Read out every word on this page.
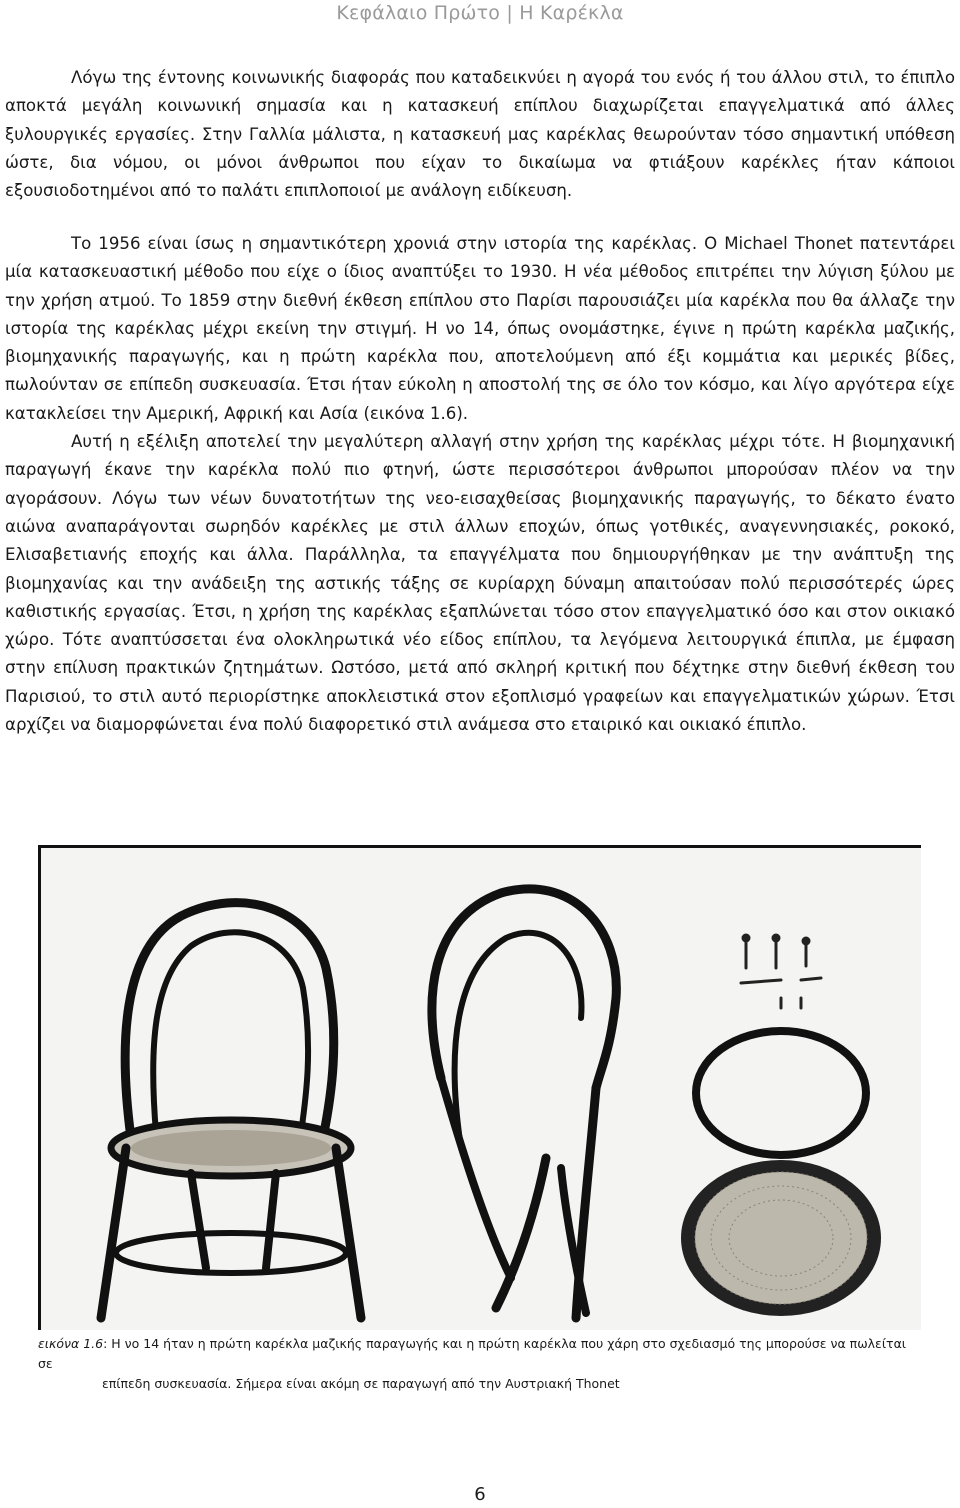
Κεφάλαιο Πρώτο | Η Καρέκλα

Λόγω της έντονης κοινωνικής διαφοράς που καταδεικνύει η αγορά του ενός ή του άλλου στιλ, το έπιπλο αποκτά μεγάλη κοινωνική σημασία και η κατασκευή επίπλου διαχωρίζεται επαγγελματικά από άλλες ξυλουργικές εργασίες. Στην Γαλλία μάλιστα, η κατασκευή μας καρέκλας θεωρούνταν τόσο σημαντική υπόθεση ώστε, δια νόμου, οι μόνοι άνθρωποι που είχαν το δικαίωμα να φτιάξουν καρέκλες ήταν κάποιοι εξουσιοδοτημένοι από το παλάτι επιπλοποιοί με ανάλογη ειδίκευση.

Το 1956 είναι ίσως η σημαντικότερη χρονιά στην ιστορία της καρέκλας. Ο Michael Thonet πατεντάρει μία κατασκευαστική μέθοδο που είχε ο ίδιος αναπτύξει το 1930. Η νέα μέθοδος επιτρέπει την λύγιση ξύλου με την χρήση ατμού. Το 1859 στην διεθνή έκθεση επίπλου στο Παρίσι παρουσιάζει μία καρέκλα που θα άλλαζε την ιστορία της καρέκλας μέχρι εκείνη την στιγμή. Η νο 14, όπως ονομάστηκε, έγινε η πρώτη καρέκλα μαζικής, βιομηχανικής παραγωγής, και η πρώτη καρέκλα που, αποτελούμενη από έξι κομμάτια και μερικές βίδες, πωλούνταν σε επίπεδη συσκευασία. Έτσι ήταν εύκολη η αποστολή της σε όλο τον κόσμο, και λίγο αργότερα είχε κατακλείσει την Αμερική, Αφρική και Ασία (εικόνα 1.6).

Αυτή η εξέλιξη αποτελεί την μεγαλύτερη αλλαγή στην χρήση της καρέκλας μέχρι τότε. Η βιομηχανική παραγωγή έκανε την καρέκλα πολύ πιο φτηνή, ώστε περισσότεροι άνθρωποι μπορούσαν πλέον να την αγοράσουν. Λόγω των νέων δυνατοτήτων της νεο-εισαχθείσας βιομηχανικής παραγωγής, το δέκατο ένατο αιώνα αναπαράγονται σωρηδόν καρέκλες με στιλ άλλων εποχών, όπως γοτθικές, αναγεννησιακές, ροκοκό, Ελισαβετιανής εποχής και άλλα. Παράλληλα, τα επαγγέλματα που δημιουργήθηκαν με την ανάπτυξη της βιομηχανίας και την ανάδειξη της αστικής τάξης σε κυρίαρχη δύναμη απαιτούσαν πολύ περισσότερές ώρες καθιστικής εργασίας. Έτσι, η χρήση της καρέκλας εξαπλώνεται τόσο στον επαγγελματικό όσο και στον οικιακό χώρο. Τότε αναπτύσσεται ένα ολοκληρωτικά νέο είδος επίπλου, τα λεγόμενα λειτουργικά έπιπλα, με έμφαση στην επίλυση πρακτικών ζητημάτων. Ωστόσο, μετά από σκληρή κριτική που δέχτηκε στην διεθνή έκθεση του Παρισιού, το στιλ αυτό περιορίστηκε αποκλειστικά στον εξοπλισμό γραφείων και επαγγελματικών χώρων. Έτσι αρχίζει να διαμορφώνεται ένα πολύ διαφορετικό στιλ ανάμεσα στο εταιρικό και οικιακό έπιπλο.

εικόνα 1.6: Η νο 14 ήταν η πρώτη καρέκλα μαζικής παραγωγής και η πρώτη καρέκλα που χάρη στο σχεδιασμό της μπορούσε να πωλείται σε
επίπεδη συσκευασία. Σήμερα είναι ακόμη σε παραγωγή από την Αυστριακή Thonet
6
